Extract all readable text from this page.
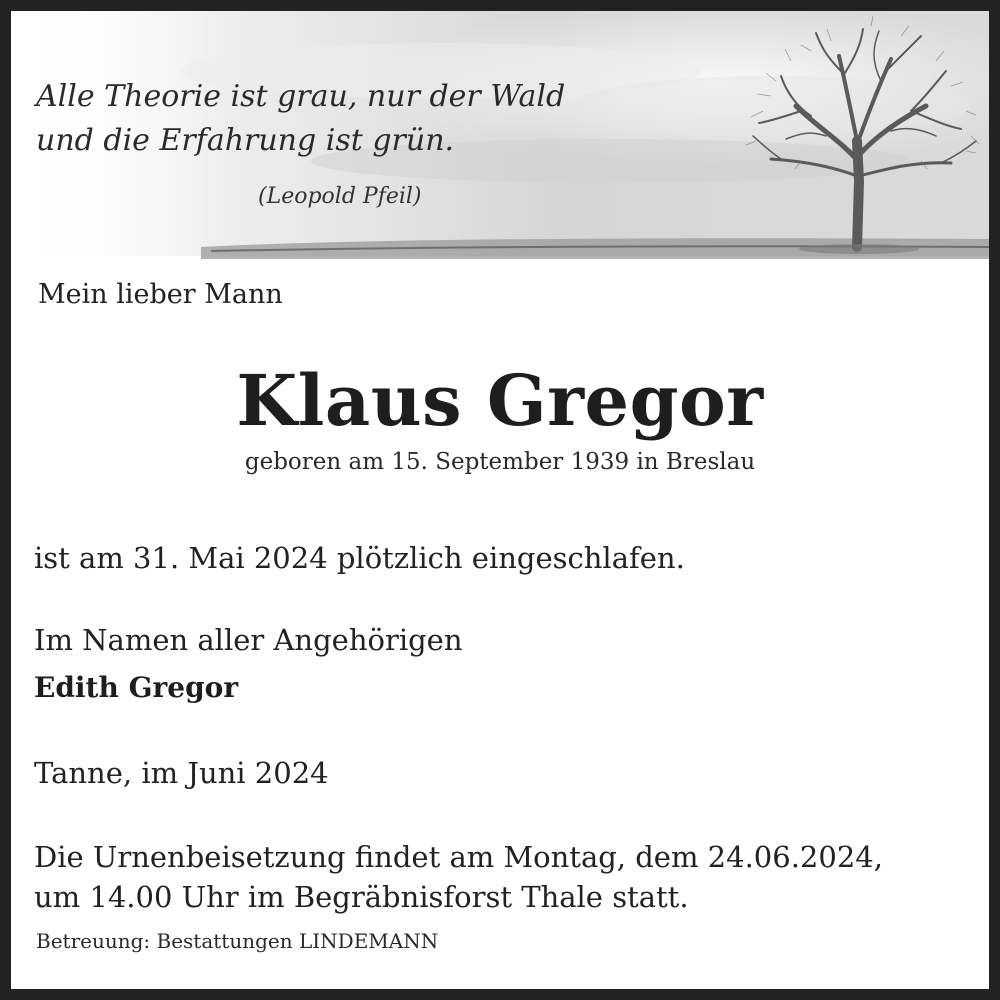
Alle Theorie ist grau, nur der Wald

und die Erfahrung ist grün.

(Leopold Pfeil)

Mein lieber Mann

Klaus Gregor

geboren am 15. September 1939 in Breslau

ist am 31. Mai 2024 plötzlich eingeschlafen.

Im Namen aller Angehörigen

Edith Gregor

Tanne, im Juni 2024

Die Urnenbeisetzung findet am Montag, dem 24.06.2024,

um 14.00 Uhr im Begräbnisforst Thale statt.

Betreuung: Bestattungen LINDEMANN
